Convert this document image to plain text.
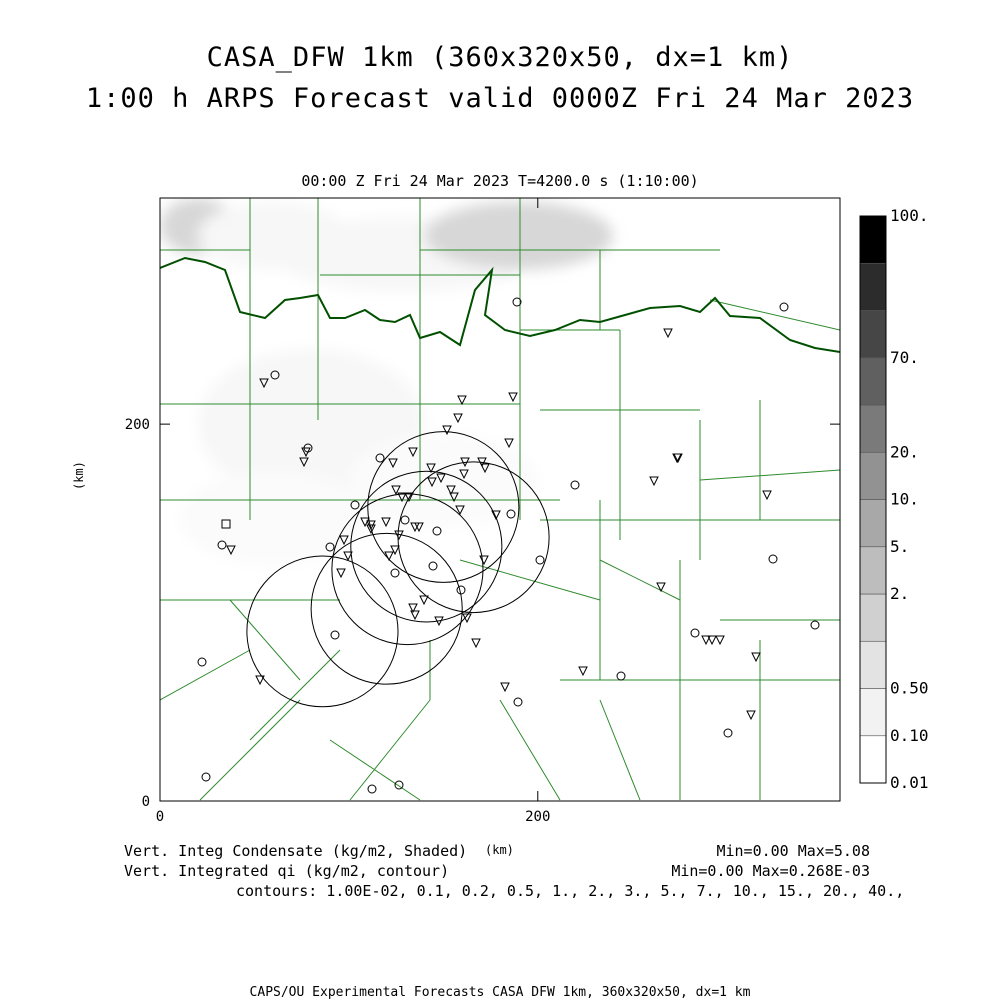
CASA_DFW 1km (360x320x50, dx=1 km)
1:00 h ARPS Forecast valid 0000Z Fri 24 Mar 2023
00:00 Z Fri 24 Mar 2023 T=4200.0 s (1:10:00)
0	200
0
200
0.01
0.10
0.50
2.
5.
10.
20.
70.
100.
(km)
Vert. Integ Condensate (kg/m2, Shaded) (km)
Vert. Integrated qi (kg/m2, contour)
contours: 1.00E-02, 0.1, 0.2, 0.5, 1., 2., 3., 5., 7., 10., 15., 20., 40.,
Min=0.00 Max=5.08
Min=0.00 Max=0.268E-03
CAPS/OU Experimental Forecasts CASA DFW 1km, 360x320x50, dx=1 km
